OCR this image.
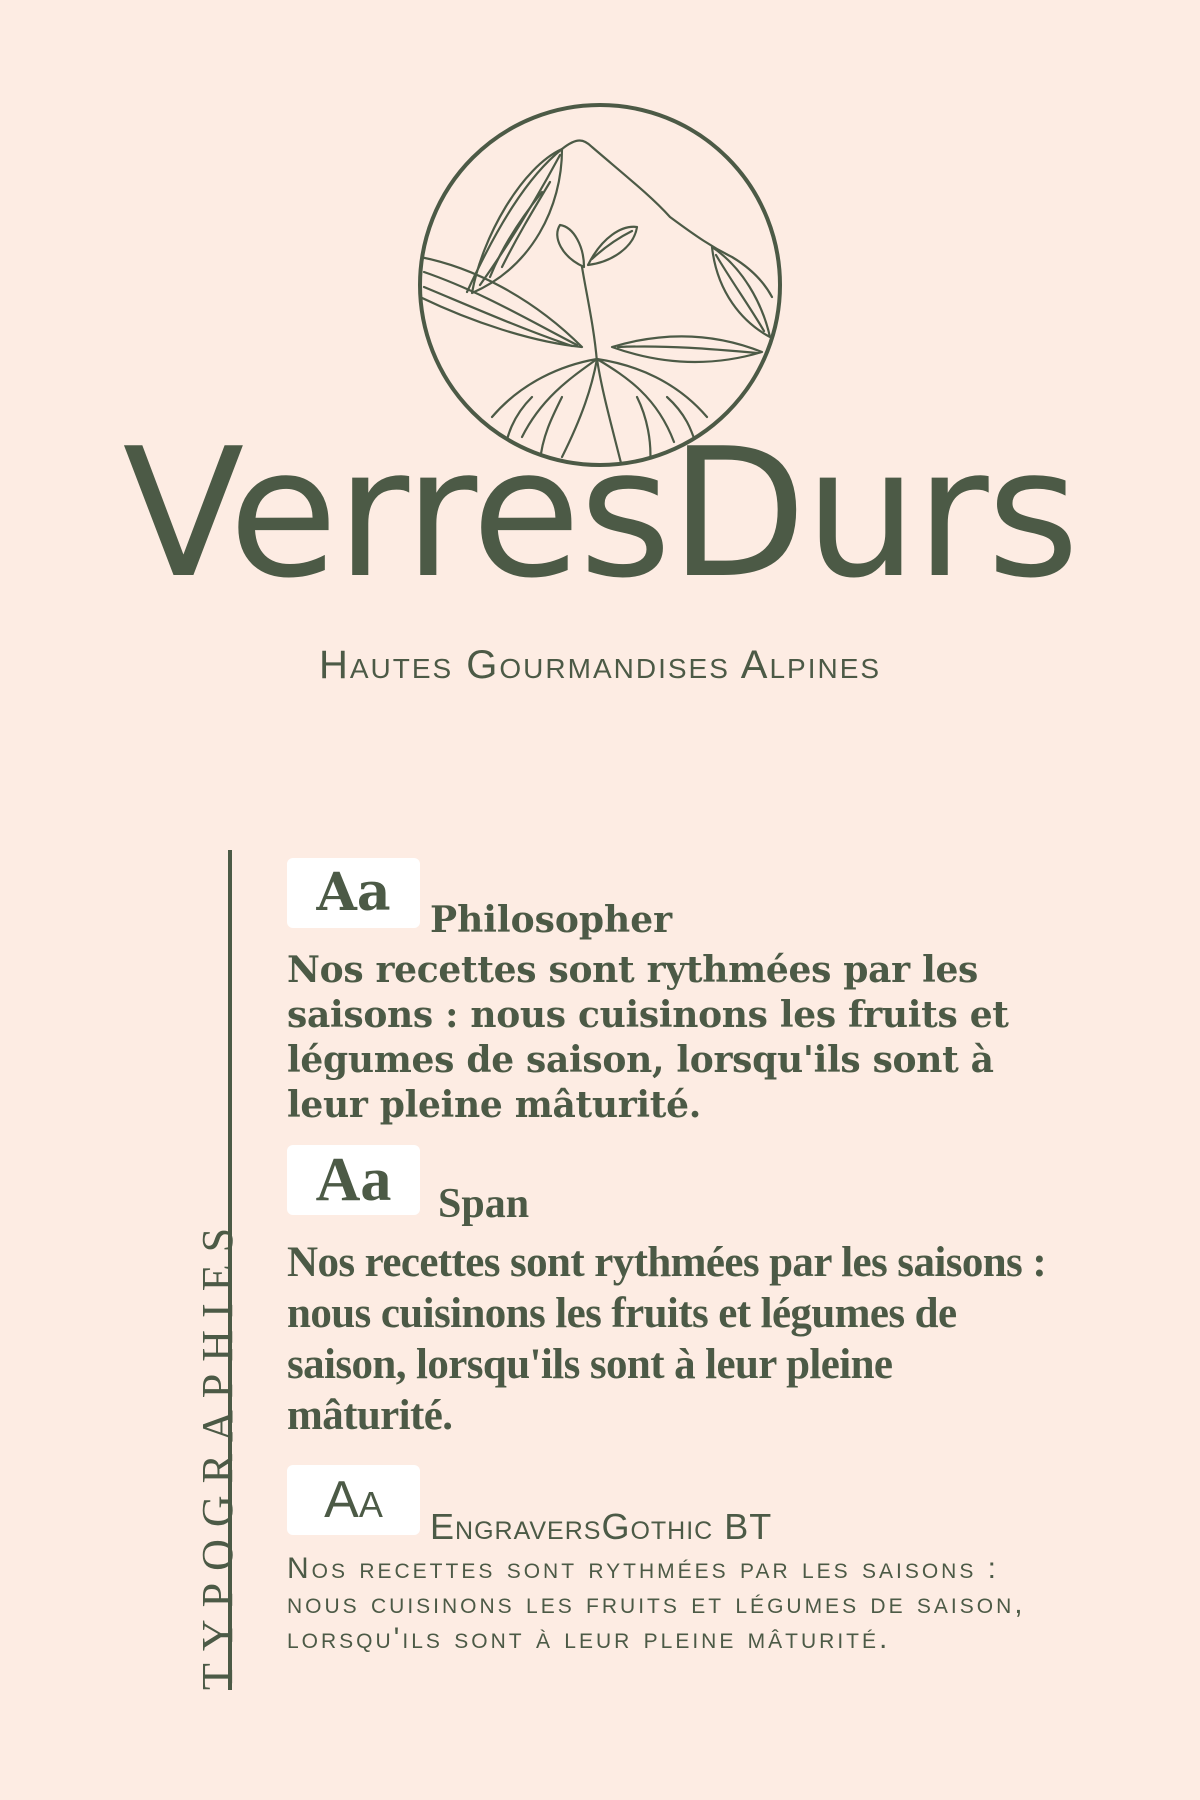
VerresDurs
Hautes Gourmandises Alpines
TYPOGRAPHIES
Aa	Philosopher
Nos recettes sont rythmées par les saisons : nous cuisinons les fruits et légumes de saison, lorsqu'ils sont à leur pleine mâturité.
Aa	Span
Nos recettes sont rythmées par les saisons : nous cuisinons les fruits et légumes de saison, lorsqu'ils sont à leur pleine mâturité.
Aa	EngraversGothic BT
Nos recettes sont rythmées par les saisons : nous cuisinons les fruits et légumes de saison, lorsqu'ils sont à leur pleine mâturité.
